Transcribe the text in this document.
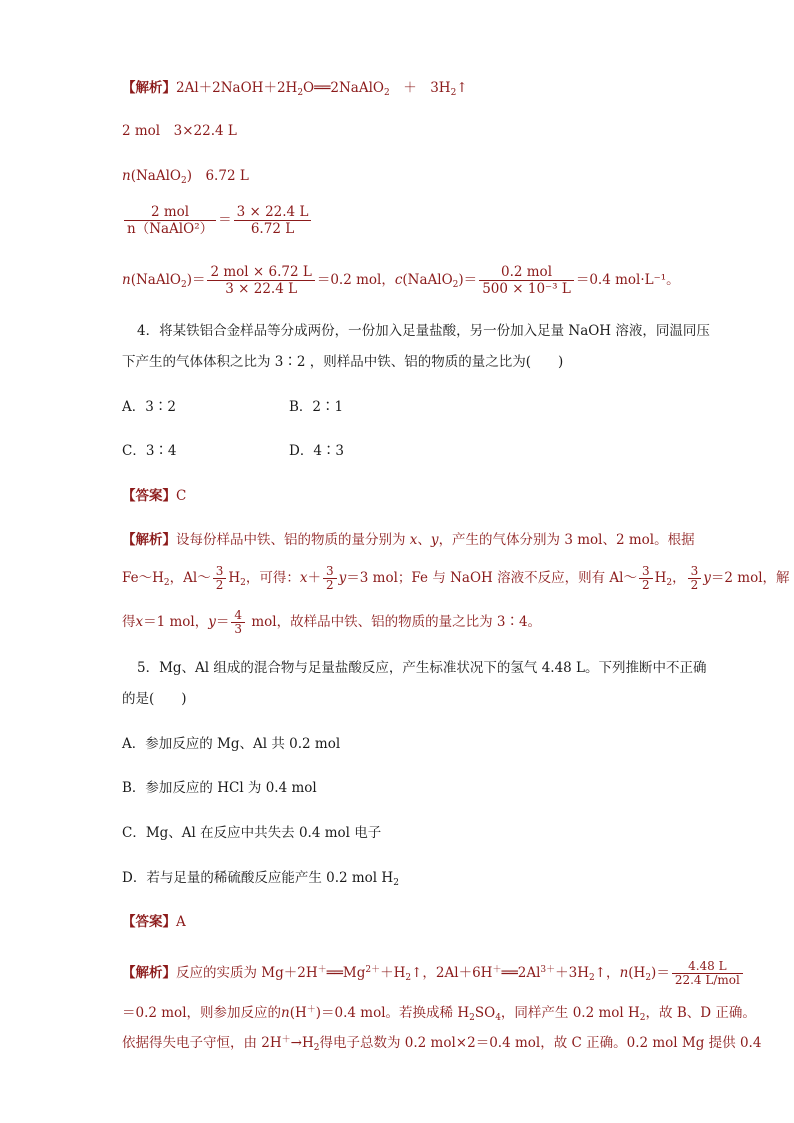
【解析】$2Al+2NaOH+2H_2O══2NaAlO_2$　 ＋　$3H_2↑$
2 mol　3×22.4 L
n(NaAlO$_2$)　6.72 L
$\frac{\text{2 mol}}{\text{n（NaAlO²）}} = \frac{3 \times 22.4 L}{6.72 L}$
n(NaAlO$_2$)＝ $\frac{\text{2 mol × 6.72 L}}{3 \times 22.4 L} =0.2$ mol，c(NaAlO$_2$)＝ $\frac{\text{0.2 mol}}{\text{500 × 10⁻³ L}} =0.4$ mol·L⁻¹。
4．将某铁铝合金样品等分成两份，一份加入足量盐酸，另一份加入足量 NaOH 溶液，同温同压
下产生的气体体积之比为 3∶2 ，则样品中铁、铝的物质的量之比为(　　)
A．3∶2	B．2∶1
C．3∶4	D．4∶3
【答案】C
【解析】设每份样品中铁、铝的物质的量分别为 x、y，产生的气体分别为 3 mol、2 mol。根据
$Fe\sim H_2$，Al～ $\frac{3}{2} H_2$，可得：$x+ \frac{3}{2} y=3$ mol；Fe 与 NaOH 溶液不反应，则有 Al～ $\frac{3}{2} H_2$， $\frac{3}{2} y=2$ mol，解
得x＝1 mol，$y= \frac{4}{3}$ mol，故样品中铁、铝的物质的量之比为 3∶4。
5．Mg、Al 组成的混合物与足量盐酸反应，产生标准状况下的氢气 4.48 L。下列推断中不正确
的是(　　)
A．参加反应的 Mg、Al 共 0.2 mol
B．参加反应的 HCl 为 0.4 mol
C．Mg、Al 在反应中共失去 0.4 mol 电子
D．若与足量的稀硫酸反应能产生 0.2 mol $H_2$
【答案】A
【解析】反应的实质为 $Mg+2H^+══Mg^{2+}+H_2↑$，$2Al+6H^+══2Al^{3+}+3H_2↑$，$n(H_2)= \frac{4.48 L}{\text{22.4 L/mol}}$
＝0.2 mol，则参加反应的n(H＋)＝0.4 mol。若换成稀 $H_2SO_4$，同样产生 0.2 mol $H_2$，故 B、D 正确。
依据得失电子守恒，由 $2H^+\to H_2$得电子总数为 0.2 mol×2＝0.4 mol，故 C 正确。0.2 mol Mg 提供 0.4
